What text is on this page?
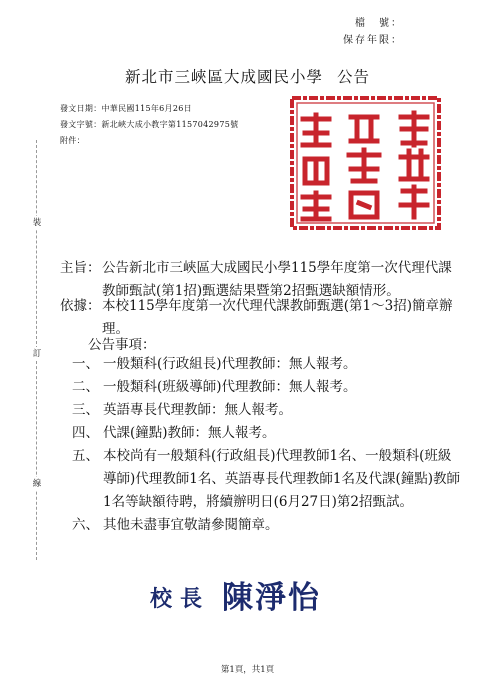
檔　號：
保存年限：
新北市三峽區大成國民小學 公告
發文日期：中華民國115年6月26日
發文字號：新北峽大成小教字第1157042975號
附件：
裝
訂
線
主旨： 公告新北市三峽區大成國民小學115學年度第一次代理代課教師甄試(第1招)甄選結果暨第2招甄選缺額情形。
依據： 本校115學年度第一次代理代課教師甄選(第1～3招)簡章辦理。
公告事項：
一、 一般類科(行政組長)代理教師：無人報考。
二、 一般類科(班級導師)代理教師：無人報考。
三、 英語專長代理教師：無人報考。
四、 代課(鐘點)教師：無人報考。
五、 本校尚有一般類科(行政組長)代理教師1名、一般類科(班級導師)代理教師1名、英語專長代理教師1名及代課(鐘點)教師1名等缺額待聘，將續辦明日(6月27日)第2招甄試。
六、 其他未盡事宜敬請參閱簡章。
校長 陳淨怡
第1頁，共1頁
